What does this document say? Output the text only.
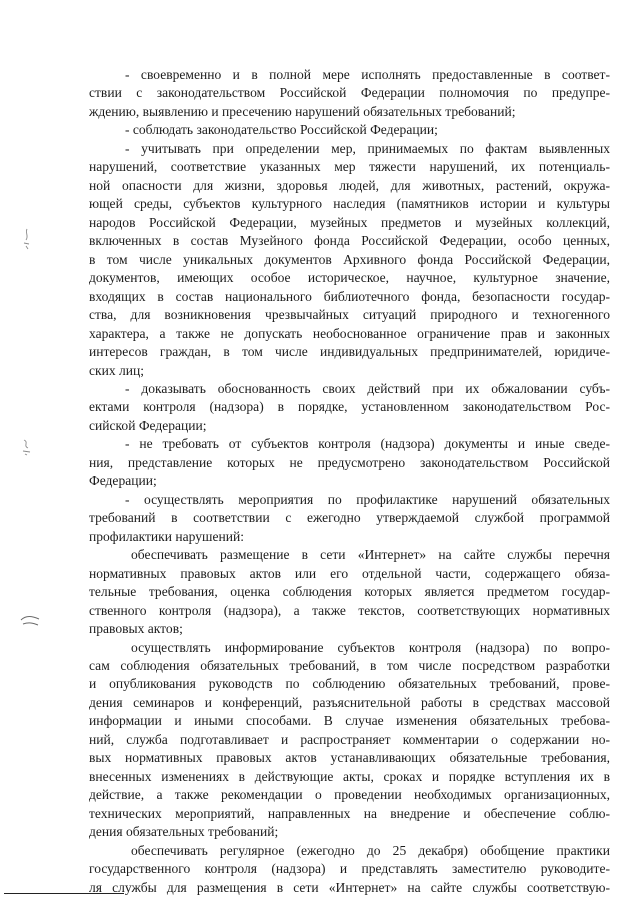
- своевременно и в полной мере исполнять предоставленные в соответ-
ствии с законодательством Российской Федерации полномочия по предупре-
ждению, выявлению и пресечению нарушений обязательных требований;
- соблюдать законодательство Российской Федерации;
- учитывать при определении мер, принимаемых по фактам выявленных
нарушений, соответствие указанных мер тяжести нарушений, их потенциаль-
ной опасности для жизни, здоровья людей, для животных, растений, окружа-
ющей среды, субъектов культурного наследия (памятников истории и культуры
народов Российской Федерации, музейных предметов и музейных коллекций,
включенных в состав Музейного фонда Российской Федерации, особо ценных,
в том числе уникальных документов Архивного фонда Российской Федерации,
документов, имеющих особое историческое, научное, культурное значение,
входящих в состав национального библиотечного фонда, безопасности государ-
ства, для возникновения чрезвычайных ситуаций природного и техногенного
характера, а также не допускать необоснованное ограничение прав и законных
интересов граждан, в том числе индивидуальных предпринимателей, юридиче-
ских лиц;
- доказывать обоснованность своих действий при их обжаловании субъ-
ектами контроля (надзора) в порядке, установленном законодательством Рос-
сийской Федерации;
- не требовать от субъектов контроля (надзора) документы и иные сведе-
ния, представление которых не предусмотрено законодательством Российской
Федерации;
- осуществлять мероприятия по профилактике нарушений обязательных
требований в соответствии с ежегодно утверждаемой службой программой
профилактики нарушений:
обеспечивать размещение в сети «Интернет» на сайте службы перечня
нормативных правовых актов или его отдельной части, содержащего обяза-
тельные требования, оценка соблюдения которых является предметом государ-
ственного контроля (надзора), а также текстов, соответствующих нормативных
правовых актов;
осуществлять информирование субъектов контроля (надзора) по вопро-
сам соблюдения обязательных требований, в том числе посредством разработки
и опубликования руководств по соблюдению обязательных требований, прове-
дения семинаров и конференций, разъяснительной работы в средствах массовой
информации и иными способами. В случае изменения обязательных требова-
ний, служба подготавливает и распространяет комментарии о содержании но-
вых нормативных правовых актов устанавливающих обязательные требования,
внесенных изменениях в действующие акты, сроках и порядке вступления их в
действие, а также рекомендации о проведении необходимых организационных,
технических мероприятий, направленных на внедрение и обеспечение соблю-
дения обязательных требований;
обеспечивать регулярное (ежегодно до 25 декабря) обобщение практики
государственного контроля (надзора) и представлять заместителю руководите-
ля службы для размещения в сети «Интернет» на сайте службы соответствую-
